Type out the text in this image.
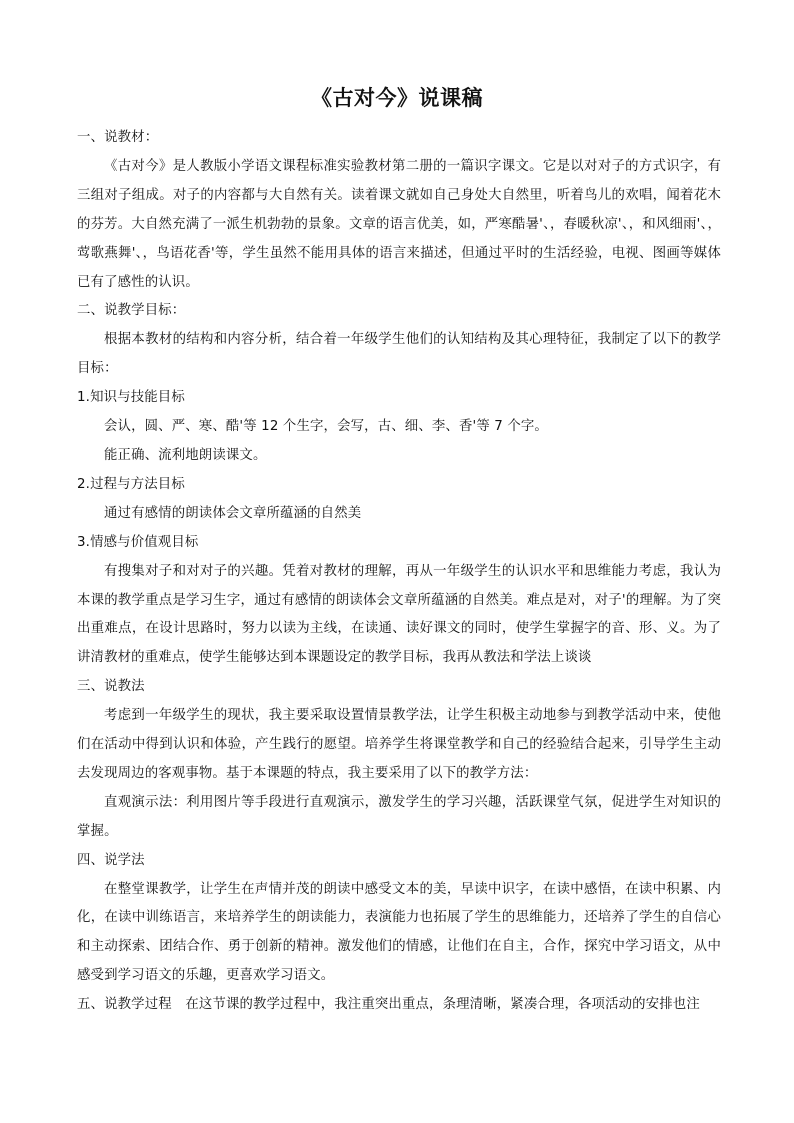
《古对今》说课稿

一、说教材：

《古对今》是人教版小学语文课程标准实验教材第二册的一篇识字课文。它是以对对子的方式识字，有三组对子组成。对子的内容都与大自然有关。读着课文就如自己身处大自然里，听着鸟儿的欢唱，闻着花木的芬芳。大自然充满了一派生机勃勃的景象。文章的语言优美，如，严寒酷暑'、，春暖秋凉'、，和风细雨'、，莺歌燕舞'、，鸟语花香'等，学生虽然不能用具体的语言来描述，但通过平时的生活经验，电视、图画等媒体已有了感性的认识。

二、说教学目标：

根据本教材的结构和内容分析，结合着一年级学生他们的认知结构及其心理特征，我制定了以下的教学目标：

1.知识与技能目标

会认，圆、严、寒、酷'等 12 个生字，会写，古、细、李、香'等 7 个字。

能正确、流利地朗读课文。

2.过程与方法目标

通过有感情的朗读体会文章所蕴涵的自然美

3.情感与价值观目标

有搜集对子和对对子的兴趣。凭着对教材的理解，再从一年级学生的认识水平和思维能力考虑，我认为本课的教学重点是学习生字，通过有感情的朗读体会文章所蕴涵的自然美。难点是对，对子'的理解。为了突出重难点，在设计思路时，努力以读为主线，在读通、读好课文的同时，使学生掌握字的音、形、义。为了讲清教材的重难点，使学生能够达到本课题设定的教学目标，我再从教法和学法上谈谈

三、说教法

考虑到一年级学生的现状，我主要采取设置情景教学法，让学生积极主动地参与到教学活动中来，使他们在活动中得到认识和体验，产生践行的愿望。培养学生将课堂教学和自己的经验结合起来，引导学生主动去发现周边的客观事物。基于本课题的特点，我主要采用了以下的教学方法：

直观演示法：利用图片等手段进行直观演示，激发学生的学习兴趣，活跃课堂气氛，促进学生对知识的掌握。

四、说学法

在整堂课教学，让学生在声情并茂的朗读中感受文本的美，早读中识字，在读中感悟，在读中积累、内化，在读中训练语言，来培养学生的朗读能力，表演能力也拓展了学生的思维能力，还培养了学生的自信心和主动探索、团结合作、勇于创新的精神。激发他们的情感，让他们在自主，合作，探究中学习语文，从中感受到学习语文的乐趣，更喜欢学习语文。

五、说教学过程　在这节课的教学过程中，我注重突出重点，条理清晰，紧凑合理，各项活动的安排也注
